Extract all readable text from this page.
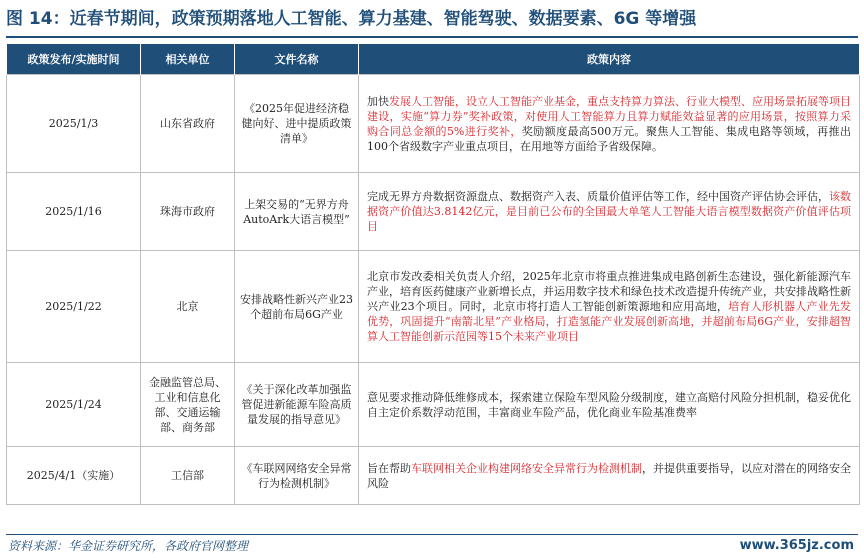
图 14：近春节期间，政策预期落地人工智能、算力基建、智能驾驶、数据要素、6G 等增强
政策发布/实施时间	相关单位	文件名称	政策内容
2025/1/3	山东省政府	《2025年促进经济稳健向好、进中提质政策清单》	加快发展人工智能，设立人工智能产业基金，重点支持算力算法、行业大模型、应用场景拓展等项目建设，实施“算力券”奖补政策，对使用人工智能算力且算力赋能效益显著的应用场景，按照算力采购合同总金额的5%进行奖补，奖励额度最高500万元。聚焦人工智能、集成电路等领域，再推出100个省级数字产业重点项目，在用地等方面给予省级保障。
2025/1/16	珠海市政府	上架交易的“无界方舟AutoArk大语言模型”	完成无界方舟数据资源盘点、数据资产入表、质量价值评估等工作，经中国资产评估协会评估，该数据资产价值达3.8142亿元，是目前已公布的全国最大单笔人工智能大语言模型数据资产价值评估项目
2025/1/22	北京	安排战略性新兴产业23个超前布局6G产业	北京市发改委相关负责人介绍，2025年北京市将重点推进集成电路创新生态建设，强化新能源汽车产业，培育医药健康产业新增长点，并运用数字技术和绿色技术改造提升传统产业，共安排战略性新兴产业23个项目。同时，北京市将打造人工智能创新策源地和应用高地，培育人形机器人产业先发优势，巩固提升“南箭北星”产业格局，打造氢能产业发展创新高地，并超前布局6G产业，安排超智算人工智能创新示范园等15个未来产业项目
2025/1/24	金融监管总局、工业和信息化部、交通运输部、商务部	《关于深化改革加强监管促进新能源车险高质量发展的指导意见》	意见要求推动降低维修成本，探索建立保险车型风险分级制度，建立高赔付风险分担机制，稳妥优化自主定价系数浮动范围，丰富商业车险产品，优化商业车险基准费率
2025/4/1（实施）	工信部	《车联网网络安全异常行为检测机制》	旨在帮助车联网相关企业构建网络安全异常行为检测机制，并提供重要指导，以应对潜在的网络安全风险
资料来源：华金证券研究所，各政府官网整理	www.365jz.com
